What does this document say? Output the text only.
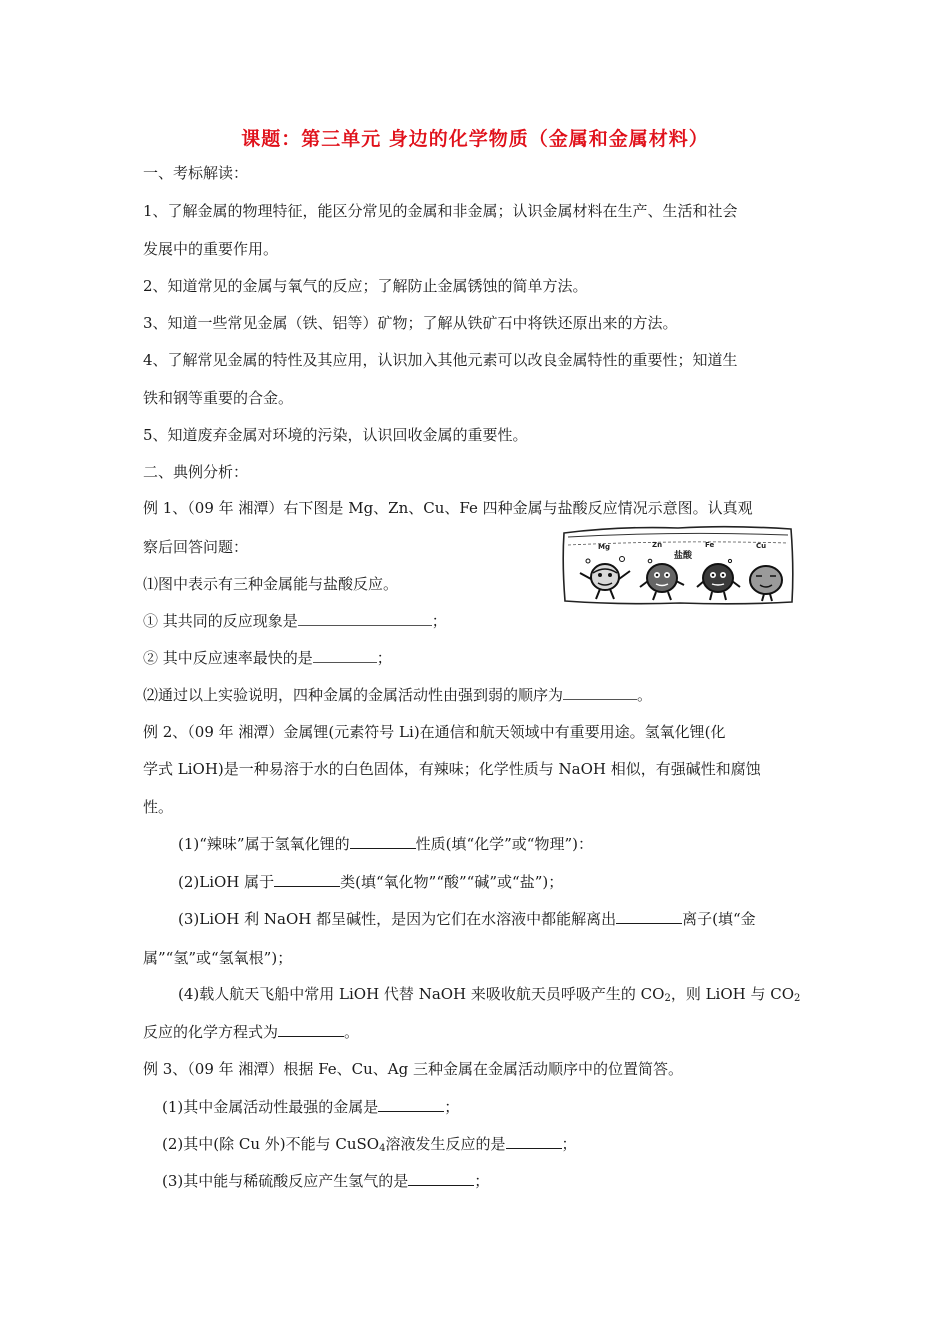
课题：第三单元 身边的化学物质（金属和金属材料）
一、考标解读：
1、了解金属的物理特征，能区分常见的金属和非金属；认识金属材料在生产、生活和社会
发展中的重要作用。
2、知道常见的金属与氧气的反应；了解防止金属锈蚀的简单方法。
3、知道一些常见金属（铁、铝等）矿物；了解从铁矿石中将铁还原出来的方法。
4、了解常见金属的特性及其应用，认识加入其他元素可以改良金属特性的重要性；知道生
铁和钢等重要的合金。
5、知道废弃金属对环境的污染，认识回收金属的重要性。
二、典例分析：
例 1、（09 年 湘潭）右下图是 Mg、Zn、Cu、Fe 四种金属与盐酸反应情况示意图。认真观
察后回答问题：
⑴图中表示有三种金属能与盐酸反应。
① 其共同的反应现象是	；
② 其中反应速率最快的是	；
⑵通过以上实验说明，四种金属的金属活动性由强到弱的顺序为	。
Mg	Zn	Fe	Cu
盐酸
例 2、（09 年 湘潭）金属锂(元素符号 Li)在通信和航天领域中有重要用途。氢氧化锂(化
学式 LiOH)是一种易溶于水的白色固体，有辣味；化学性质与 NaOH 相似，有强碱性和腐蚀
性。
(1)“辣味”属于氢氧化锂的	性质(填“化学”或“物理”)：
(2)LiOH 属于	类(填“氧化物”“酸”“碱”或“盐”)；
(3)LiOH 利 NaOH 都呈碱性，是因为它们在水溶液中都能解离出	离子(填“金
属”“氢”或“氢氧根”)；
(4)载人航天飞船中常用 LiOH 代替 NaOH 来吸收航天员呼吸产生的 $CO_2$，则 LiOH 与 $CO_2$
反应的化学方程式为	。
例 3、（09 年 湘潭）根据 Fe、Cu、Ag 三种金属在金属活动顺序中的位置简答。
(1)其中金属活动性最强的金属是	；
(2)其中(除 Cu 外)不能与 CuSO$_4$溶液发生反应的是	；
(3)其中能与稀硫酸反应产生氢气的是	；
